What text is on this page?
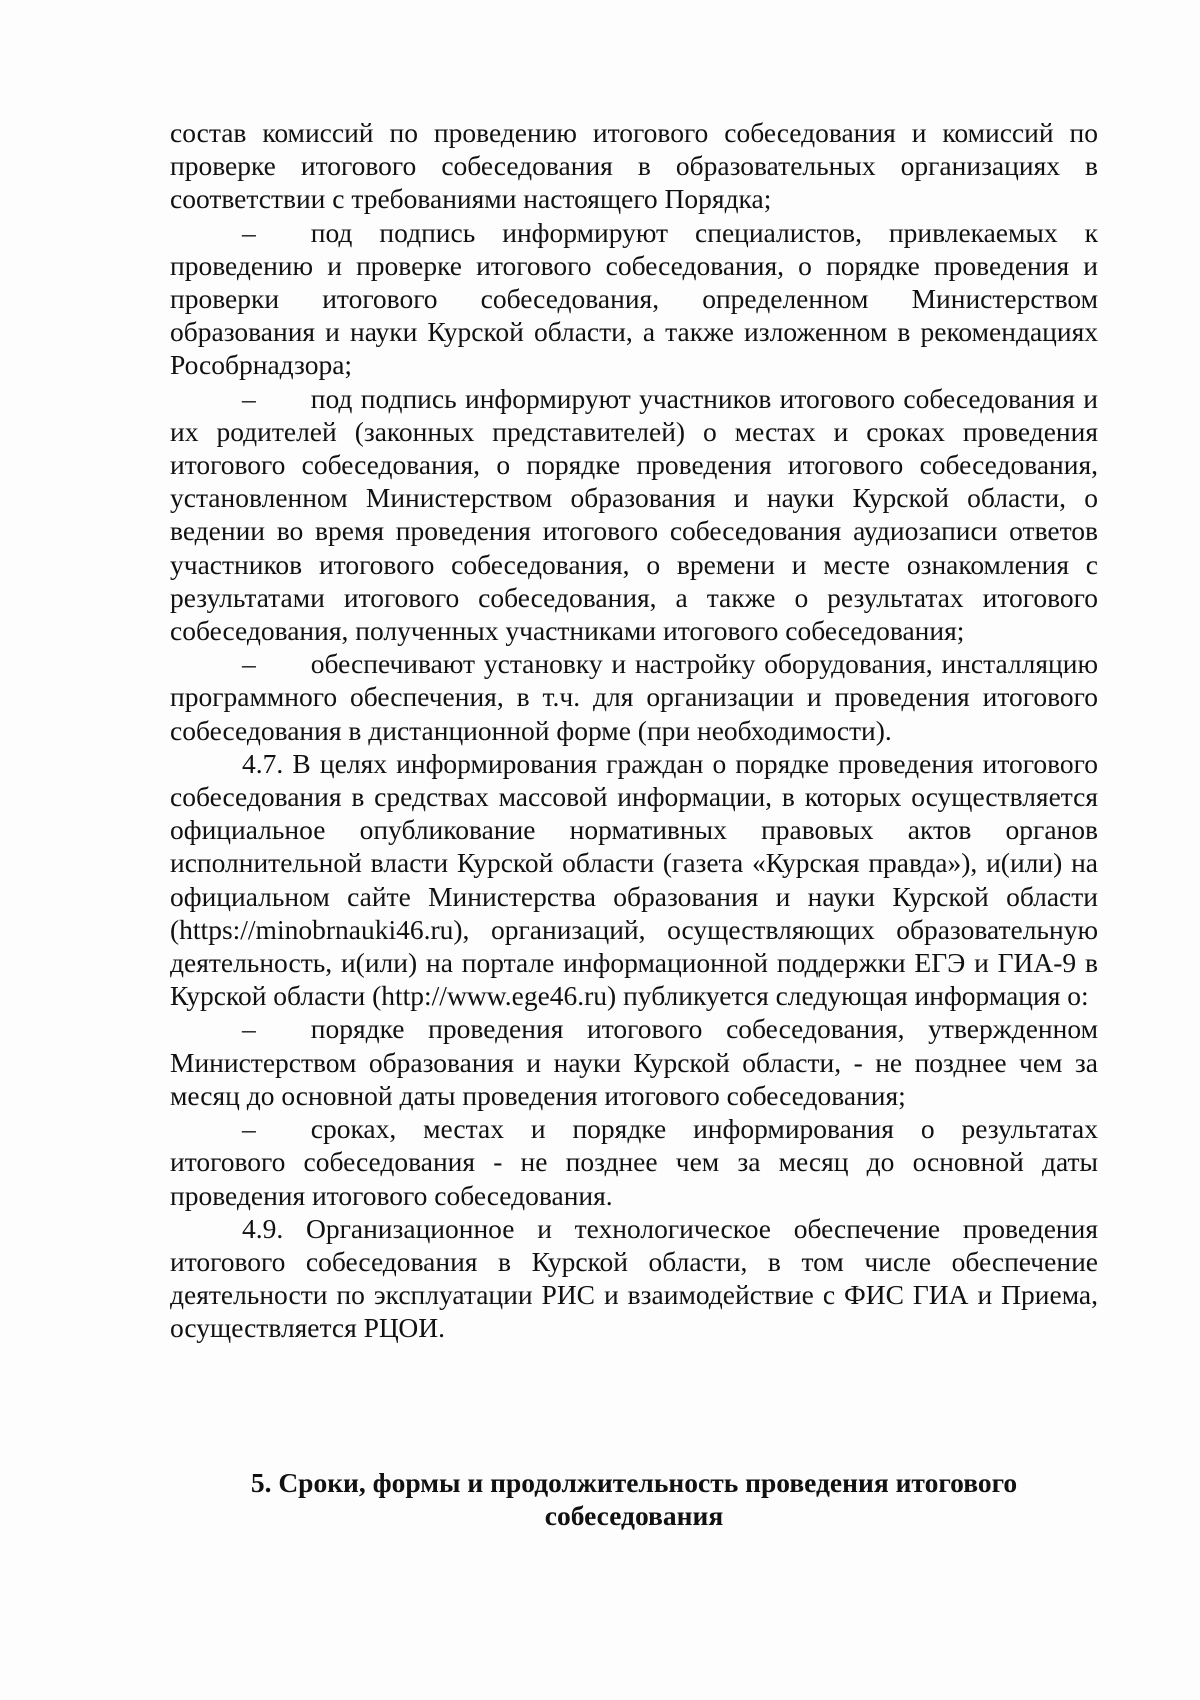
состав комиссий по проведению итогового собеседования и комиссий по проверке итогового собеседования в образовательных организациях в соответствии с требованиями настоящего Порядка;

–  под подпись информируют специалистов, привлекаемых к проведению и проверке итогового собеседования, о порядке проведения и проверки итогового собеседования, определенном Министерством образования и науки Курской области, а также изложенном в рекомендациях Рособрнадзора;

–  под подпись информируют участников итогового собеседования и их родителей (законных представителей) о местах и сроках проведения итогового собеседования, о порядке проведения итогового собеседования, установленном Министерством образования и науки Курской области, о ведении во время проведения итогового собеседования аудиозаписи ответов участников итогового собеседования, о времени и месте ознакомления с результатами итогового собеседования, а также о результатах итогового собеседования, полученных участниками итогового собеседования;

–  обеспечивают установку и настройку оборудования, инсталляцию программного обеспечения, в т.ч. для организации и проведения итогового собеседования в дистанционной форме (при необходимости).

4.7. В целях информирования граждан о порядке проведения итогового собеседования в средствах массовой информации, в которых осуществляется официальное опубликование нормативных правовых актов органов исполнительной власти Курской области (газета «Курская правда»), и(или) на официальном сайте Министерства образования и науки Курской области (https://minobrnauki46.ru), организаций, осуществляющих образовательную деятельность, и(или) на портале информационной поддержки ЕГЭ и ГИА-9 в Курской области (http://www.ege46.ru) публикуется следующая информация о:

–  порядке проведения итогового собеседования, утвержденном Министерством образования и науки Курской области, - не позднее чем за месяц до основной даты проведения итогового собеседования;

–  сроках, местах и порядке информирования о результатах итогового собеседования - не позднее чем за месяц до основной даты проведения итогового собеседования.

4.9. Организационное и технологическое обеспечение проведения итогового собеседования в Курской области, в том числе обеспечение деятельности по эксплуатации РИС и взаимодействие с ФИС ГИА и Приема, осуществляется РЦОИ.

5. Сроки, формы и продолжительность проведения итогового собеседования
